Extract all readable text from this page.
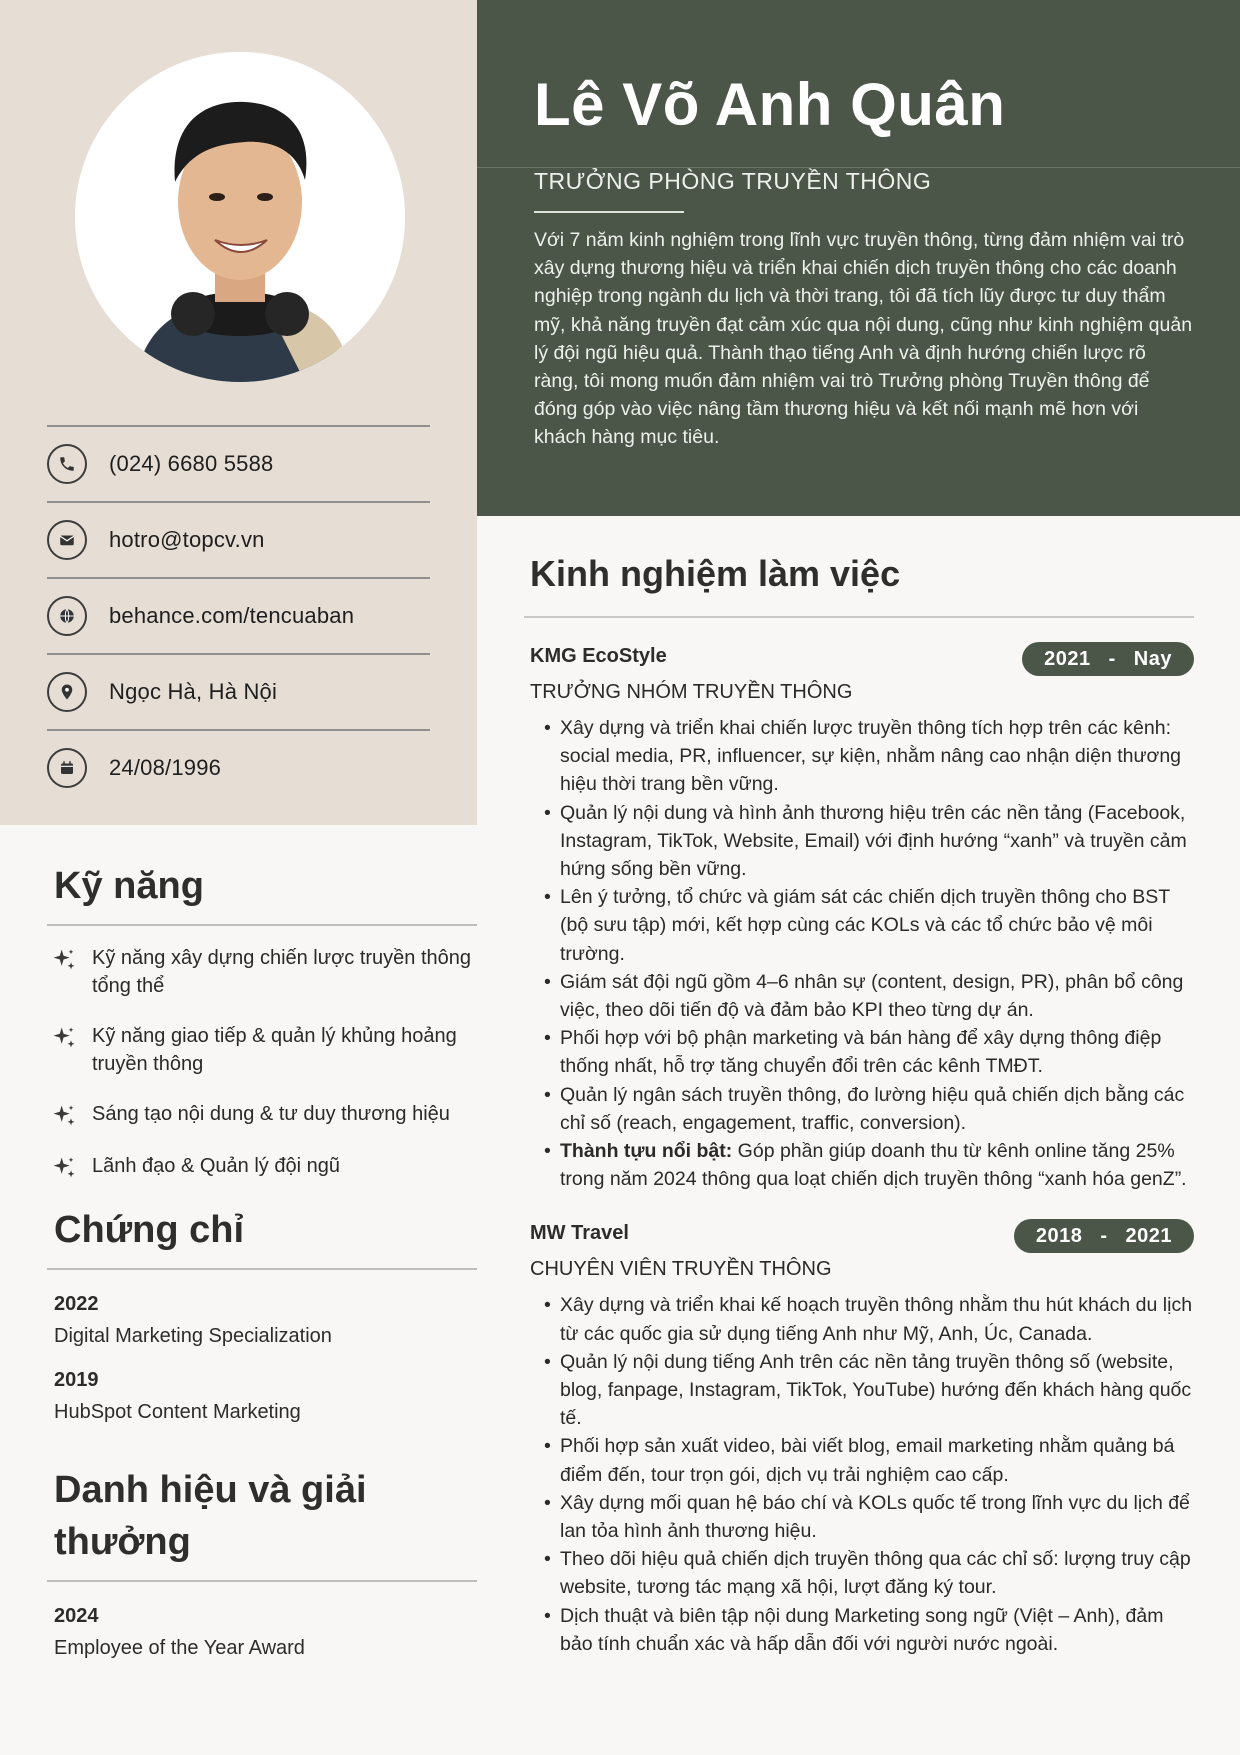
(024) 6680 5588
hotro@topcv.vn
behance.com/tencuaban
Ngọc Hà, Hà Nội
24/08/1996
Kỹ năng
Kỹ năng xây dựng chiến lược truyền thông tổng thể
Kỹ năng giao tiếp & quản lý khủng hoảng truyền thông
Sáng tạo nội dung & tư duy thương hiệu
Lãnh đạo & Quản lý đội ngũ
Chứng chỉ

2022

Digital Marketing Specialization

2019

HubSpot Content Marketing

Danh hiệu và giải thưởng

2024

Employee of the Year Award

Lê Võ Anh Quân
TRƯỞNG PHÒNG TRUYỀN THÔNG

Với 7 năm kinh nghiệm trong lĩnh vực truyền thông, từng đảm nhiệm vai trò xây dựng thương hiệu và triển khai chiến dịch truyền thông cho các doanh nghiệp trong ngành du lịch và thời trang, tôi đã tích lũy được tư duy thẩm mỹ, khả năng truyền đạt cảm xúc qua nội dung, cũng như kinh nghiệm quản lý đội ngũ hiệu quả. Thành thạo tiếng Anh và định hướng chiến lược rõ ràng, tôi mong muốn đảm nhiệm vai trò Trưởng phòng Truyền thông để đóng góp vào việc nâng tầm thương hiệu và kết nối mạnh mẽ hơn với khách hàng mục tiêu.

Kinh nghiệm làm việc

KMG EcoStyle	2021 - Nay

TRƯỞNG NHÓM TRUYỀN THÔNG

• Xây dựng và triển khai chiến lược truyền thông tích hợp trên các kênh: social media, PR, influencer, sự kiện, nhằm nâng cao nhận diện thương hiệu thời trang bền vững.
• Quản lý nội dung và hình ảnh thương hiệu trên các nền tảng (Facebook, Instagram, TikTok, Website, Email) với định hướng “xanh” và truyền cảm hứng sống bền vững.
• Lên ý tưởng, tổ chức và giám sát các chiến dịch truyền thông cho BST (bộ sưu tập) mới, kết hợp cùng các KOLs và các tổ chức bảo vệ môi trường.
• Giám sát đội ngũ gồm 4–6 nhân sự (content, design, PR), phân bổ công việc, theo dõi tiến độ và đảm bảo KPI theo từng dự án.
• Phối hợp với bộ phận marketing và bán hàng để xây dựng thông điệp thống nhất, hỗ trợ tăng chuyển đổi trên các kênh TMĐT.
• Quản lý ngân sách truyền thông, đo lường hiệu quả chiến dịch bằng các chỉ số (reach, engagement, traffic, conversion).
• Thành tựu nổi bật: Góp phần giúp doanh thu từ kênh online tăng 25% trong năm 2024 thông qua loạt chiến dịch truyền thông “xanh hóa genZ”.

MW Travel	2018 - 2021

CHUYÊN VIÊN TRUYỀN THÔNG

• Xây dựng và triển khai kế hoạch truyền thông nhằm thu hút khách du lịch từ các quốc gia sử dụng tiếng Anh như Mỹ, Anh, Úc, Canada.
• Quản lý nội dung tiếng Anh trên các nền tảng truyền thông số (website, blog, fanpage, Instagram, TikTok, YouTube) hướng đến khách hàng quốc tế.
• Phối hợp sản xuất video, bài viết blog, email marketing nhằm quảng bá điểm đến, tour trọn gói, dịch vụ trải nghiệm cao cấp.
• Xây dựng mối quan hệ báo chí và KOLs quốc tế trong lĩnh vực du lịch để lan tỏa hình ảnh thương hiệu.
• Theo dõi hiệu quả chiến dịch truyền thông qua các chỉ số: lượng truy cập website, tương tác mạng xã hội, lượt đăng ký tour.
• Dịch thuật và biên tập nội dung Marketing song ngữ (Việt – Anh), đảm bảo tính chuẩn xác và hấp dẫn đối với người nước ngoài.
